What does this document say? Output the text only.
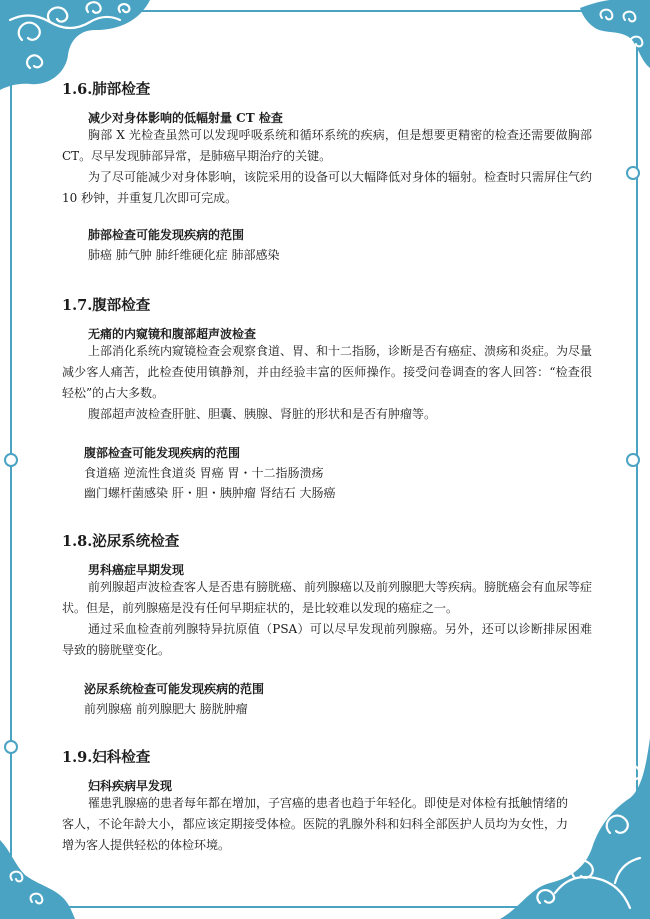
1.6.肺部检查

减少对身体影响的低幅射量 CT 检查

胸部 X 光检查虽然可以发现呼吸系统和循环系统的疾病，但是想要更精密的检查还需要做胸部 CT。尽早发现肺部异常，是肺癌早期治疗的关键。

为了尽可能减少对身体影响，该院采用的设备可以大幅降低对身体的辐射。检查时只需屏住气约 10 秒钟，并重复几次即可完成。

肺部检查可能发现疾病的范围

肺癌 肺气肿 肺纤维硬化症 肺部感染

1.7.腹部检查

无痛的内窥镜和腹部超声波检查

上部消化系统内窥镜检查会观察食道、胃、和十二指肠，诊断是否有癌症、溃疡和炎症。为尽量减少客人痛苦，此检查使用镇静剂，并由经验丰富的医师操作。接受问卷调查的客人回答：“检查很轻松”的占大多数。

腹部超声波检查肝脏、胆囊、胰腺、肾脏的形状和是否有肿瘤等。

腹部检查可能发现疾病的范围

食道癌 逆流性食道炎 胃癌 胃・十二指肠溃疡

幽门螺杆菌感染 肝・胆・胰肿瘤 肾结石 大肠癌

1.8.泌尿系统检查

男科癌症早期发现

前列腺超声波检查客人是否患有膀胱癌、前列腺癌以及前列腺肥大等疾病。膀胱癌会有血尿等症状。但是，前列腺癌是没有任何早期症状的，是比较难以发现的癌症之一。

通过采血检查前列腺特异抗原值（PSA）可以尽早发现前列腺癌。另外，还可以诊断排尿困难导致的膀胱壁变化。

泌尿系统检查可能发现疾病的范围

前列腺癌 前列腺肥大 膀胱肿瘤

1.9.妇科检查

妇科疾病早发现

罹患乳腺癌的患者每年都在增加，子宫癌的患者也趋于年轻化。即使是对体检有抵触情绪的客人，不论年龄大小，都应该定期接受体检。医院的乳腺外科和妇科全部医护人员均为女性，力增为客人提供轻松的体检环境。
